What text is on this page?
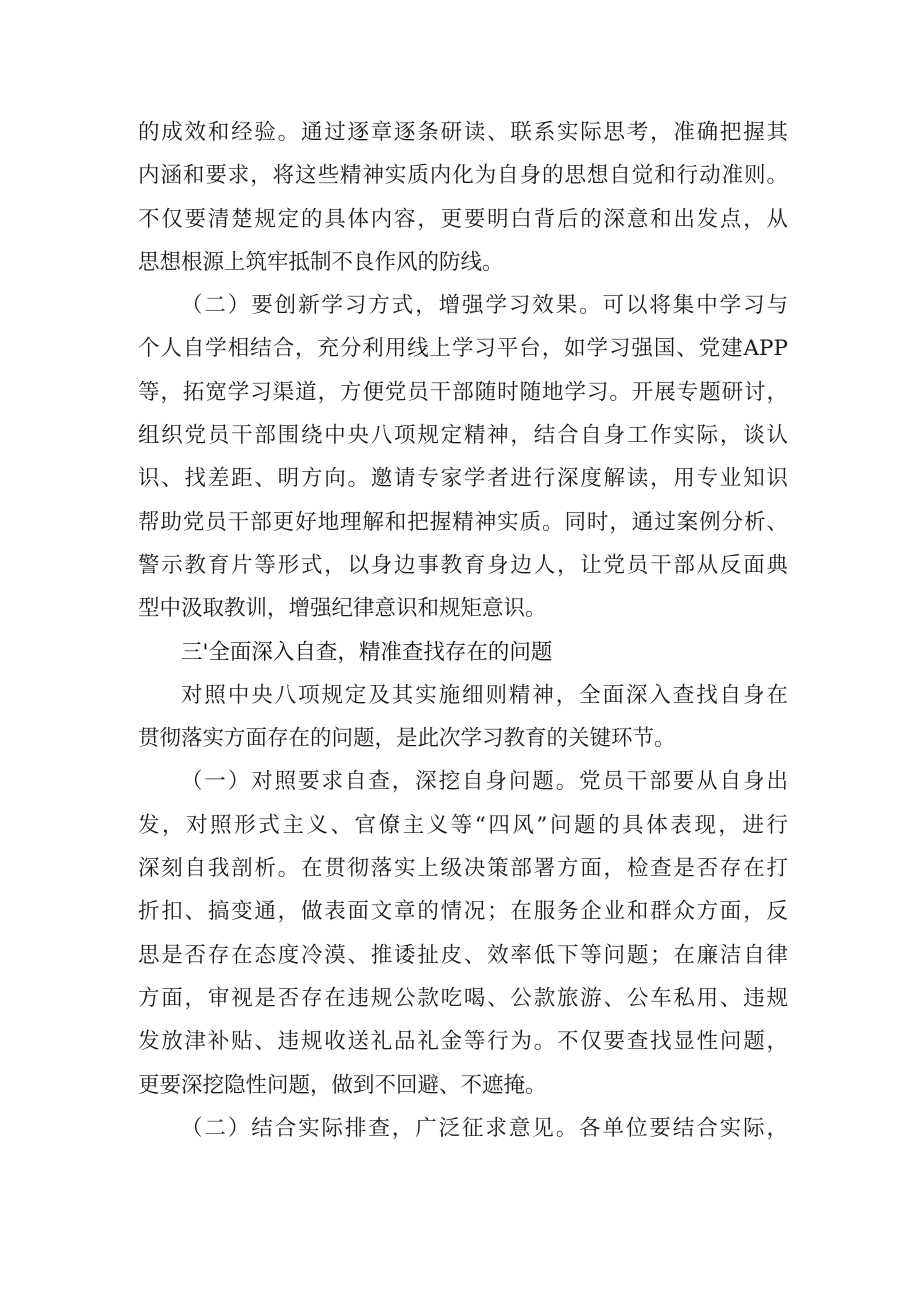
的成效和经验。通过逐章逐条研读、联系实际思考，准确把握其
内涵和要求，将这些精神实质内化为自身的思想自觉和行动准则。
不仅要清楚规定的具体内容，更要明白背后的深意和出发点，从
思想根源上筑牢抵制不良作风的防线。

（二）要创新学习方式，增强学习效果。可以将集中学习与
个人自学相结合，充分利用线上学习平台，如学习强国、党建APP
等，拓宽学习渠道，方便党员干部随时随地学习。开展专题研讨，
组织党员干部围绕中央八项规定精神，结合自身工作实际，谈认
识、找差距、明方向。邀请专家学者进行深度解读，用专业知识
帮助党员干部更好地理解和把握精神实质。同时，通过案例分析、
警示教育片等形式，以身边事教育身边人，让党员干部从反面典
型中汲取教训，增强纪律意识和规矩意识。

三'全面深入自查，精准查找存在的问题

对照中央八项规定及其实施细则精神，全面深入查找自身在
贯彻落实方面存在的问题，是此次学习教育的关键环节。

（一）对照要求自查，深挖自身问题。党员干部要从自身出
发，对照形式主义、官僚主义等“四风”问题的具体表现，进行
深刻自我剖析。在贯彻落实上级决策部署方面，检查是否存在打
折扣、搞变通，做表面文章的情况；在服务企业和群众方面，反
思是否存在态度冷漠、推诿扯皮、效率低下等问题；在廉洁自律
方面，审视是否存在违规公款吃喝、公款旅游、公车私用、违规
发放津补贴、违规收送礼品礼金等行为。不仅要查找显性问题，
更要深挖隐性问题，做到不回避、不遮掩。

（二）结合实际排查，广泛征求意见。各单位要结合实际，
